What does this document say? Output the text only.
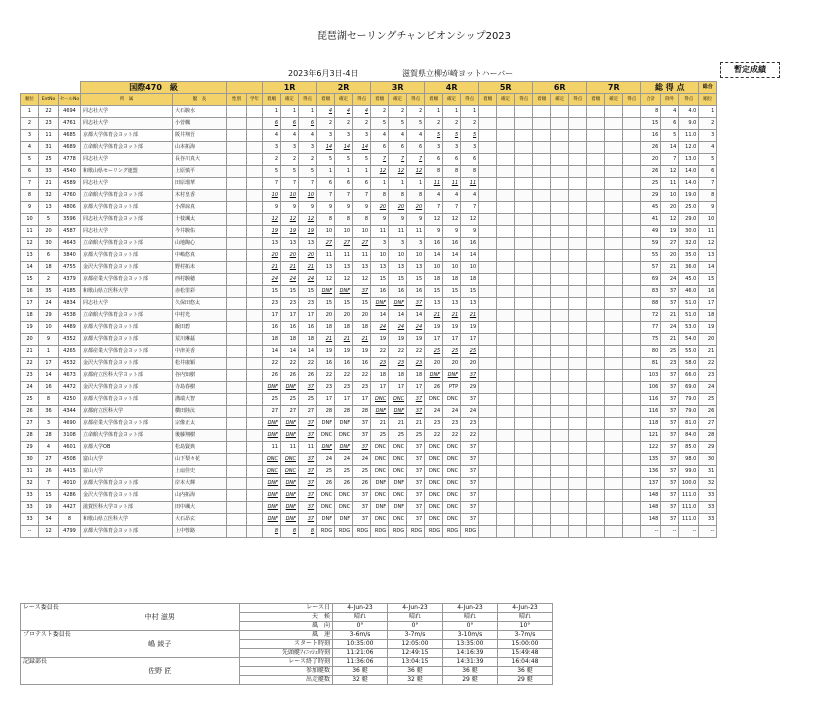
琵琶湖セーリングチャンピオンシップ2023
2023年6月3日-4日	滋賀県立柳が崎ヨットハーバー	暫定成績
			国際470　級				1R			2R			3R			4R			5R			6R			7R			総 得 点			総合
順位	EntNo	セールNo	所　属	艇　長	性別	学年	着順	確定	得点	着順	確定	得点	着順	確定	得点	着順	確定	得点	着順	確定	得点	着順	確定	得点	着順	確定	得点	合計	除外	得点	順位
1	22	4694	同志社大学	大石駿水			1	1	1	4	4	4	2	2	2	1	1	1										8	4	4.0	1
2	23	4761	同志社大学	小菅楓			6	6	6	2	2	2	5	5	5	2	2	2										15	6	9.0	2
3	11	4685	京都大学体育会ヨット部	阪井翔吾			4	4	4	3	3	3	4	4	4	5	5	5										16	5	11.0	3
4	31	4689	立命館大学体育会ヨット部	山本拓海			3	3	3	14	14	14	6	6	6	3	3	3										26	14	12.0	4
5	25	4778	同志社大学	長谷川真大			2	2	2	5	5	5	7	7	7	6	6	6										20	7	13.0	5
6	33	4540	和歌山県セーリング連盟	上原慎平			5	5	5	1	1	1	12	12	12	8	8	8										26	12	14.0	6
7	21	4589	同志社大学	田原瑠華			7	7	7	6	6	6	1	1	1	11	11	11										25	11	14.0	7
8	32	4760	立命館大学体育会ヨット部	木村皇香			10	10	10	7	7	7	8	8	8	4	4	4										29	10	19.0	8
9	13	4806	京都大学体育会ヨット部	小澤諒真			9	9	9	9	9	9	20	20	20	7	7	7										45	20	25.0	9
10	5	3596	同志社大学体育会ヨット部	十枝颯太			12	12	12	8	8	8	9	9	9	12	12	12										41	12	29.0	10
11	20	4587	同志社大学	今井駿佑			19	19	19	10	10	10	11	11	11	9	9	9										49	19	30.0	11
12	30	4643	立命館大学体育会ヨット部	山地陶心			13	13	13	27	27	27	3	3	3	16	16	16										59	27	32.0	12
13	6	3840	京都大学体育会ヨット部	中嶋悠真			20	20	20	11	11	11	10	10	10	14	14	14										55	20	35.0	13
14	18	4755	金沢大学体育会ヨット部	野村拓未			21	21	21	13	13	13	13	13	13	10	10	10										57	21	36.0	14
15	2	4379	京都産業大学体育会ヨット部	西村駿穂			24	24	24	12	12	12	15	15	15	18	18	18										69	24	45.0	15
16	35	4185	和歌山県立医科大学	赤松里彩			15	15	15	DNF	DNF	37	16	16	16	15	15	15										83	37	46.0	16
17	24	4834	同志社大学	久保田悠太			23	23	23	15	15	15	DNF	DNF	37	13	13	13										88	37	51.0	17
18	29	4538	立命館大学体育会ヨット部	中村光			17	17	17	20	20	20	14	14	14	21	21	21										72	21	51.0	18
19	10	4489	京都大学体育会ヨット部	飯田碧			16	16	16	18	18	18	24	24	24	19	19	19										77	24	53.0	19
20	9	4352	京都大学体育会ヨット部	荒川琳茲			18	18	18	21	21	21	19	19	19	17	17	17										75	21	54.0	20
21	1	4265	京都産業大学体育会ヨット部	中津美香			14	14	14	19	19	19	22	22	22	25	25	25										80	25	55.0	21
22	17	4532	金沢大学体育会ヨット部	松井康穎			22	22	22	16	16	16	23	23	23	20	20	20										81	23	58.0	22
23	14	4673	京都府立医科大学ヨット部	谷内知樹			26	26	26	22	22	22	18	18	18	DNF	DNF	37										103	37	66.0	23
24	16	4472	金沢大学体育会ヨット部	寺島春樹			DNF	DNF	37	23	23	23	17	17	17	26	PTP	29										106	37	69.0	24
25	8	4250	京都大学体育会ヨット部	溝端大智			25	25	25	17	17	17	DNC	DNC	37	DNC	DNC	37										116	37	79.0	25
26	36	4344	京都府立医科大学	横田陸汰			27	27	27	28	28	28	DNF	DNF	37	24	24	24										116	37	79.0	26
27	3	4690	京都産業大学体育会ヨット部	宗像正太			DNF	DNF	37	DNF	DNF	37	21	21	21	23	23	23										118	37	81.0	27
28	28	3108	立命館大学体育会ヨット部	後藤翔樹			DNF	DNF	37	DNC	DNC	37	25	25	25	22	22	22										121	37	84.0	28
29	4	4601	京都大学OB	松島賢典			11	11	11	DNF	DNF	37	DNC	DNC	37	DNC	DNC	37										122	37	85.0	29
30	27	4508	富山大学	山下梨々花			DNC	DNC	37	24	24	24	DNC	DNC	37	DNC	DNC	37										135	37	98.0	30
31	26	4415	富山大学	上扇佳史			DNC	DNC	37	25	25	25	DNC	DNC	37	DNC	DNC	37										136	37	99.0	31
32	7	4010	京都大学体育会ヨット部	岸本大輝			DNF	DNF	37	26	26	26	DNF	DNF	37	DNC	DNC	37										137	37	100.0	32
33	15	4286	金沢大学体育会ヨット部	山内拓海			DNF	DNF	37	DNC	DNC	37	DNC	DNC	37	DNC	DNC	37										148	37	111.0	33
33	19	4427	滋賀医科大学ヨット部	田中颯大			DNF	DNF	37	DNC	DNC	37	DNF	DNF	37	DNC	DNC	37										148	37	111.0	33
33	34	8	和歌山県立医科大学	大石昂玄			DNF	DNF	37	DNF	DNF	37	DNC	DNC	37	DNC	DNC	37										148	37	111.0	33
--	12	4799	京都大学体育会ヨット部	上中惇路			8	8	8	RDG	RDG	RDG	RDG	RDG	RDG	RDG	RDG	RDG										--	--	--	--
レース委員長	中村 滋男	レース日	4-Jun-23	4-Jun-23	4-Jun-23	4-Jun-23
		天　候	晴れ	晴れ	晴れ	晴れ
		風　向	0°	0°	0°	10°
プロテスト委員長	嶋 綾子	風　速	3-6m/s	3-7m/s	3-10m/s	3-7m/s
		スタート時刻	10:35:00	12:05:00	13:35:00	15:00:00
		先頭艇ﾌｨﾆｯｼｭ時刻	11:21:06	12:49:15	14:16:39	15:49:48
記録部長	佐野 匠	レース終了時刻	11:36:06	13:04:15	14:31:39	16:04:48
		参加艇数	36 艇	36 艇	36 艇	36 艇
		出走艇数	32 艇	32 艇	29 艇	29 艇
